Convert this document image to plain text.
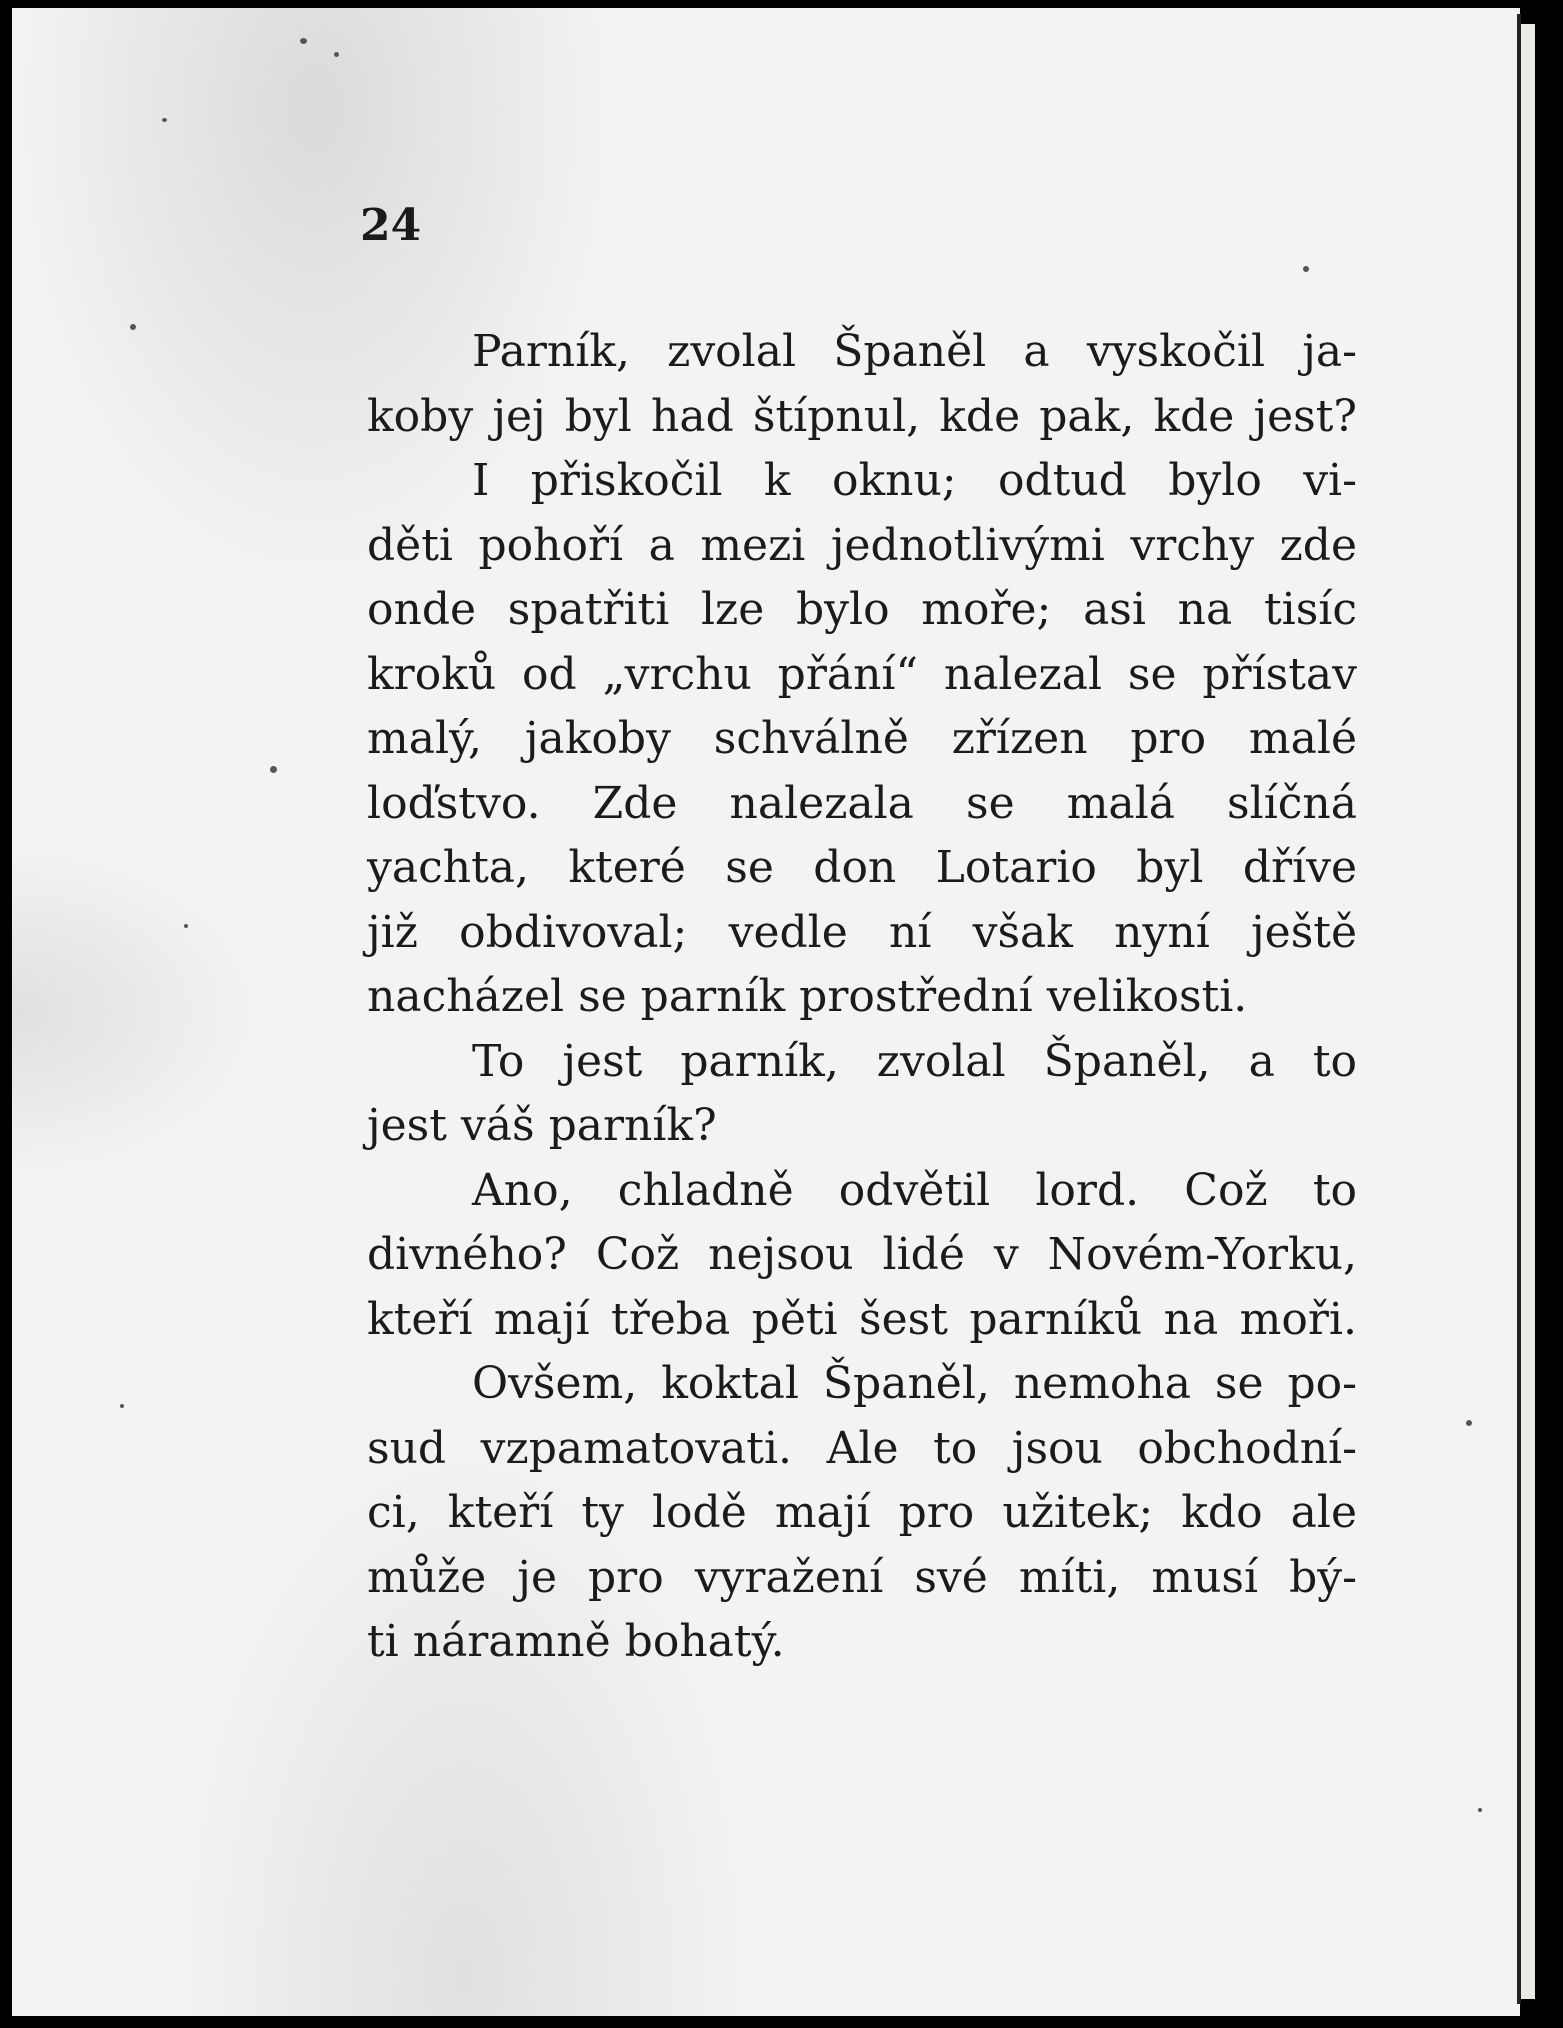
24
Parník, zvolal Španěl a vyskočil ja-
koby jej byl had štípnul, kde pak, kde jest?
I přiskočil k oknu; odtud bylo vi-
děti pohoří a mezi jednotlivými vrchy zde
onde spatřiti lze bylo moře; asi na tisíc
kroků od „vrchu přání“ nalezal se přístav
malý, jakoby schválně zřízen pro malé
loďstvo. Zde nalezala se malá slíčná
yachta, které se don Lotario byl dříve
již obdivoval; vedle ní však nyní ještě
nacházel se parník prostřední velikosti.
To jest parník, zvolal Španěl, a to
jest váš parník?
Ano, chladně odvětil lord. Což to
divného? Což nejsou lidé v Novém-Yorku,
kteří mají třeba pěti šest parníků na moři.
Ovšem, koktal Španěl, nemoha se po-
sud vzpamatovati. Ale to jsou obchodní-
ci, kteří ty lodě mají pro užitek; kdo ale
může je pro vyražení své míti, musí bý-
ti náramně bohatý.
